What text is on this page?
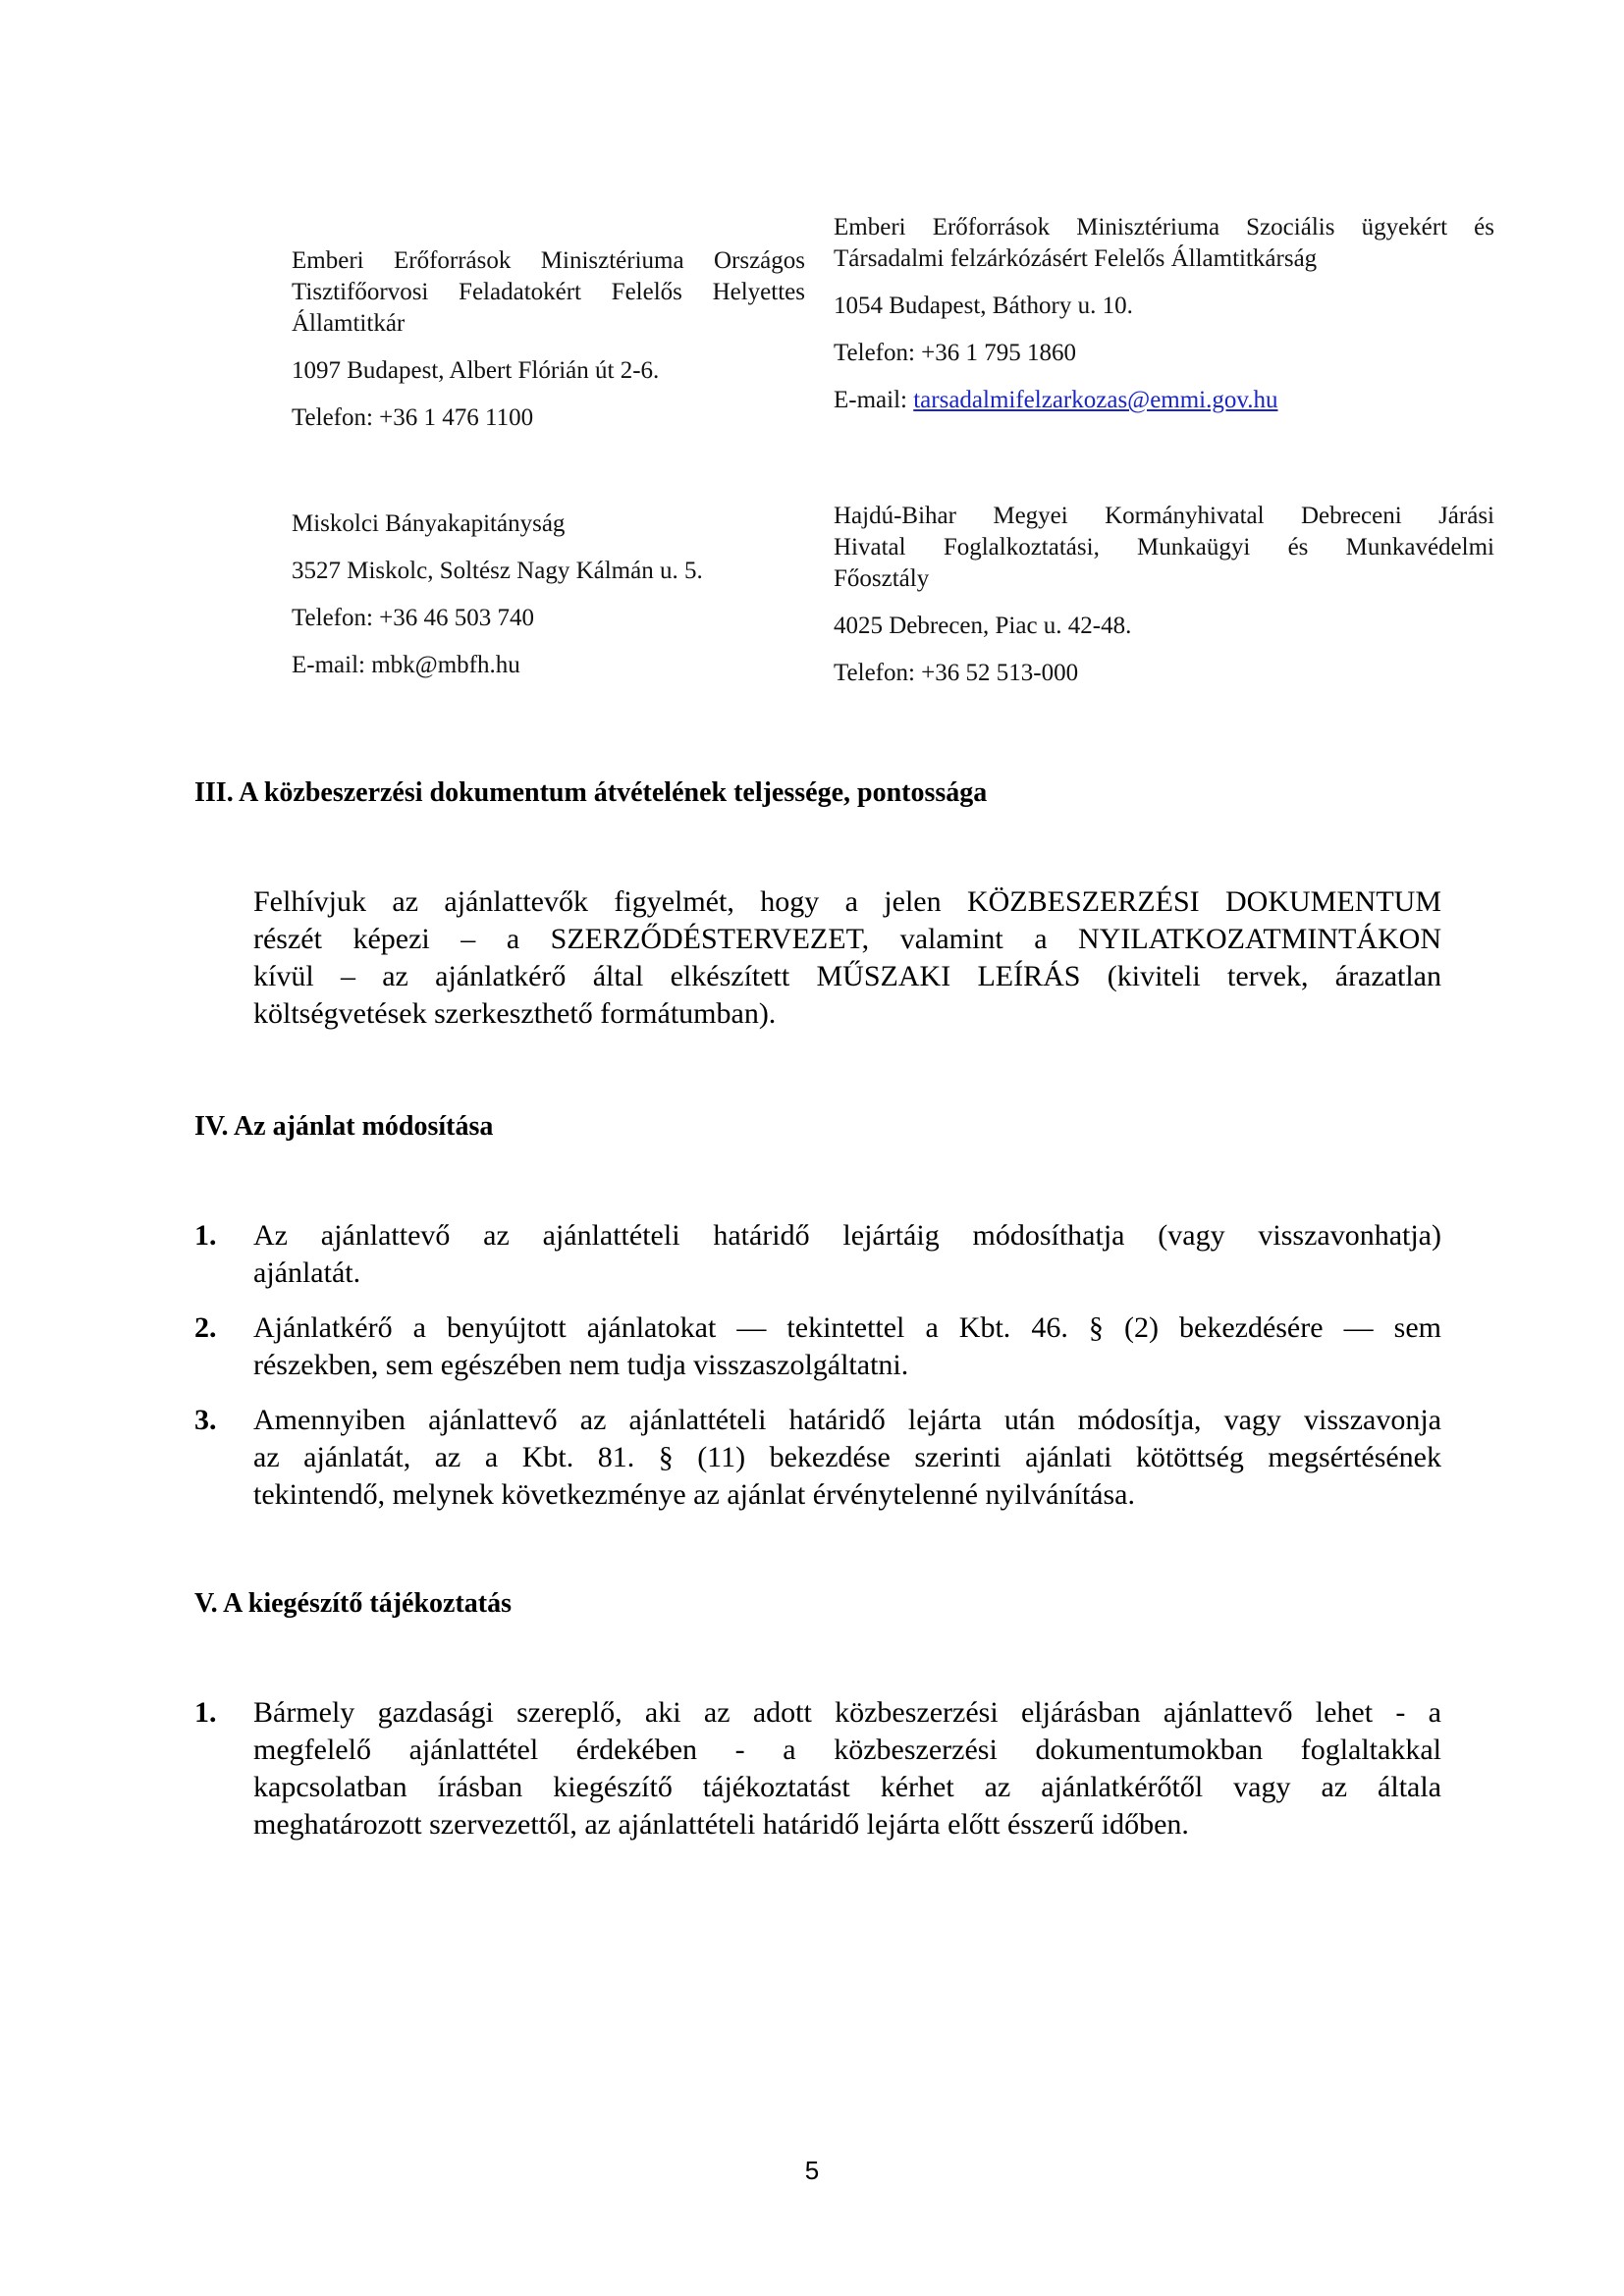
Emberi Erőforrások Minisztériuma Országos
Tisztifőorvosi Feladatokért Felelős Helyettes
Államtitkár

1097 Budapest, Albert Flórián út 2-6.

Telefon: +36 1 476 1100

Emberi Erőforrások Minisztériuma Szociális ügyekért és
Társadalmi felzárkózásért Felelős Államtitkárság

1054 Budapest, Báthory u. 10.

Telefon: +36 1 795 1860

E-mail: tarsadalmifelzarkozas@emmi.gov.hu

Miskolci Bányakapitányság

3527 Miskolc, Soltész Nagy Kálmán u. 5.

Telefon: +36 46 503 740

E-mail: mbk@mbfh.hu

Hajdú-Bihar Megyei Kormányhivatal Debreceni Járási
Hivatal Foglalkoztatási, Munkaügyi és Munkavédelmi
Főosztály

4025 Debrecen, Piac u. 42-48.

Telefon: +36 52 513-000

III. A közbeszerzési dokumentum átvételének teljessége, pontossága
Felhívjuk az ajánlattevők figyelmét, hogy a jelen KÖZBESZERZÉSI DOKUMENTUM
részét képezi – a SZERZŐDÉSTERVEZET, valamint a NYILATKOZATMINTÁKON
kívül – az ajánlatkérő által elkészített MŰSZAKI LEÍRÁS (kiviteli tervek, árazatlan
költségvetések szerkeszthető formátumban).
IV. Az ajánlat módosítása
1. Az ajánlattevő az ajánlattételi határidő lejártáig módosíthatja (vagy visszavonhatja)
ajánlatát.
2. Ajánlatkérő a benyújtott ajánlatokat — tekintettel a Kbt. 46. § (2) bekezdésére — sem
részekben, sem egészében nem tudja visszaszolgáltatni.
3. Amennyiben ajánlattevő az ajánlattételi határidő lejárta után módosítja, vagy visszavonja
az ajánlatát, az a Kbt. 81. § (11) bekezdése szerinti ajánlati kötöttség megsértésének
tekintendő, melynek következménye az ajánlat érvénytelenné nyilvánítása.
V. A kiegészítő tájékoztatás
1. Bármely gazdasági szereplő, aki az adott közbeszerzési eljárásban ajánlattevő lehet - a
megfelelő ajánlattétel érdekében - a közbeszerzési dokumentumokban foglaltakkal
kapcsolatban írásban kiegészítő tájékoztatást kérhet az ajánlatkérőtől vagy az általa
meghatározott szervezettől, az ajánlattételi határidő lejárta előtt ésszerű időben.
5
